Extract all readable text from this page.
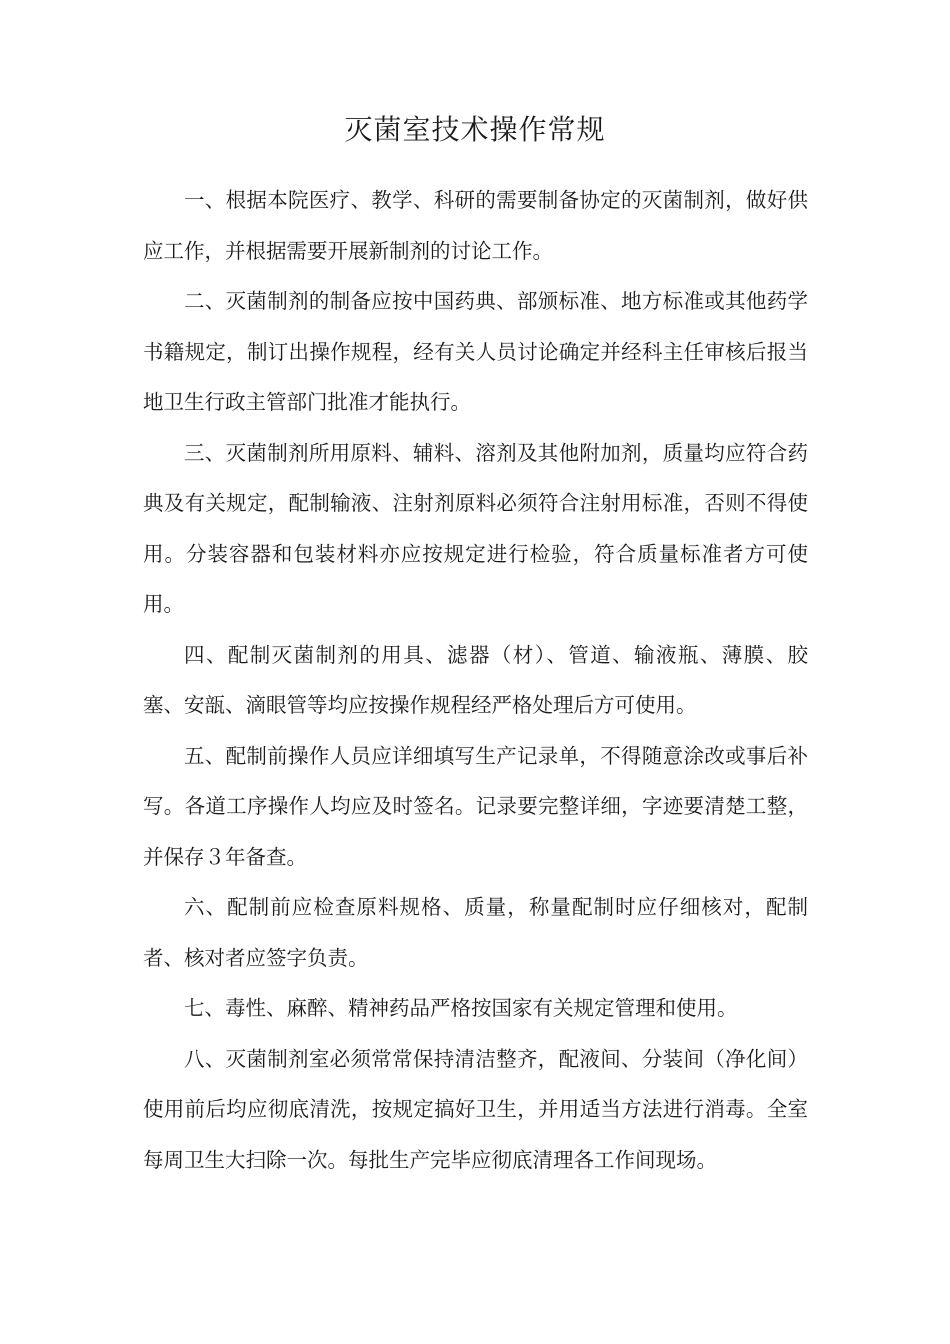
灭菌室技术操作常规

一、根据本院医疗、教学、科研的需要制备协定的灭菌制剂，做好供应工作，并根据需要开展新制剂的讨论工作。

二、灭菌制剂的制备应按中国药典、部颁标准、地方标准或其他药学书籍规定，制订出操作规程，经有关人员讨论确定并经科主任审核后报当地卫生行政主管部门批准才能执行。

三、灭菌制剂所用原料、辅料、溶剂及其他附加剂，质量均应符合药典及有关规定，配制输液、注射剂原料必须符合注射用标准，否则不得使用。分装容器和包装材料亦应按规定进行检验，符合质量标准者方可使用。

四、配制灭菌制剂的用具、滤器（材）、管道、输液瓶、薄膜、胶塞、安瓿、滴眼管等均应按操作规程经严格处理后方可使用。

五、配制前操作人员应详细填写生产记录单，不得随意涂改或事后补写。各道工序操作人均应及时签名。记录要完整详细，字迹要清楚工整，并保存３年备查。

六、配制前应检查原料规格、质量，称量配制时应仔细核对，配制者、核对者应签字负责。

七、毒性、麻醉、精神药品严格按国家有关规定管理和使用。

八、灭菌制剂室必须常常保持清洁整齐，配液间、分装间（净化间）使用前后均应彻底清洗，按规定搞好卫生，并用适当方法进行消毒。全室每周卫生大扫除一次。每批生产完毕应彻底清理各工作间现场。
